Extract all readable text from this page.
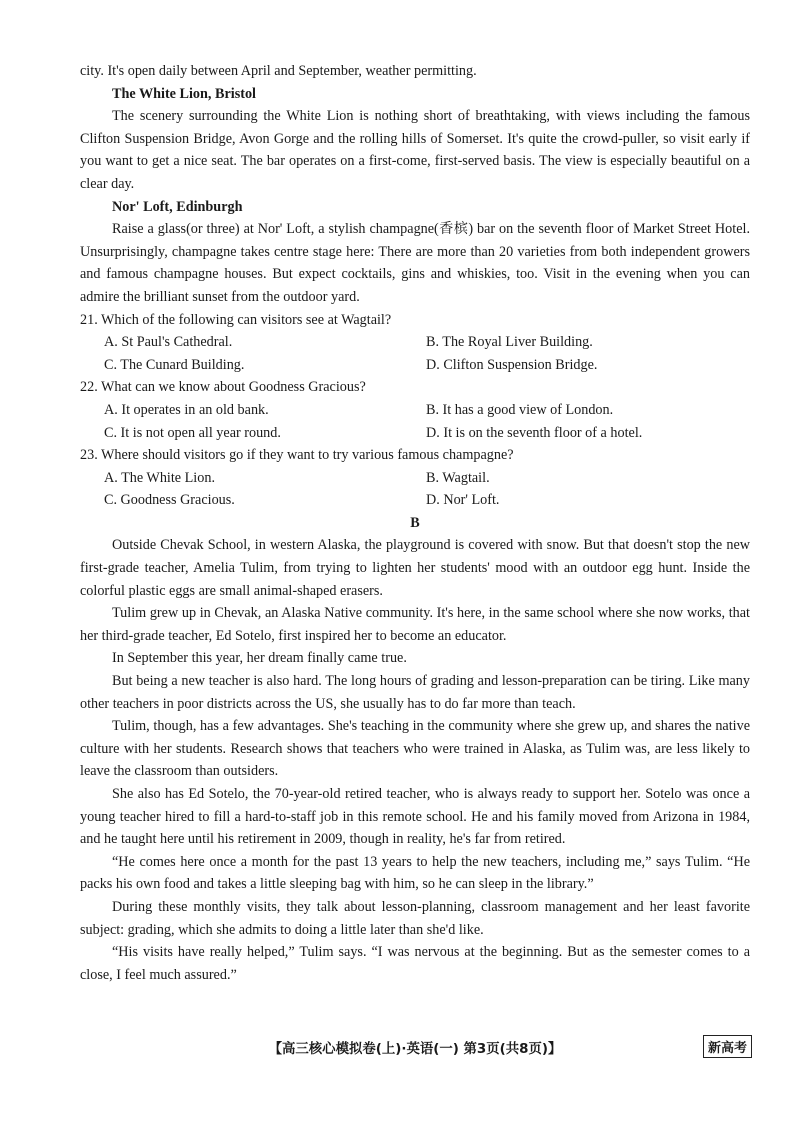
city. It's open daily between April and September, weather permitting.

The White Lion, Bristol

The scenery surrounding the White Lion is nothing short of breathtaking, with views including the famous Clifton Suspension Bridge, Avon Gorge and the rolling hills of Somerset. It's quite the crowd-puller, so visit early if you want to get a nice seat. The bar operates on a first-come, first-served basis. The view is especially beautiful on a clear day.

Nor' Loft, Edinburgh

Raise a glass(or three) at Nor' Loft, a stylish champagne(香槟) bar on the seventh floor of Market Street Hotel. Unsurprisingly, champagne takes centre stage here: There are more than 20 varieties from both independent growers and famous champagne houses. But expect cocktails, gins and whiskies, too. Visit in the evening when you can admire the brilliant sunset from the outdoor yard.

21. Which of the following can visitors see at Wagtail?

A. St Paul's Cathedral.	B. The Royal Liver Building.
C. The Cunard Building.	D. Clifton Suspension Bridge.

22. What can we know about Goodness Gracious?

A. It operates in an old bank.	B. It has a good view of London.
C. It is not open all year round.	D. It is on the seventh floor of a hotel.

23. Where should visitors go if they want to try various famous champagne?

A. The White Lion.	B. Wagtail.
C. Goodness Gracious.	D. Nor' Loft.

B

Outside Chevak School, in western Alaska, the playground is covered with snow. But that doesn't stop the new first-grade teacher, Amelia Tulim, from trying to lighten her students' mood with an outdoor egg hunt. Inside the colorful plastic eggs are small animal-shaped erasers.

Tulim grew up in Chevak, an Alaska Native community. It's here, in the same school where she now works, that her third-grade teacher, Ed Sotelo, first inspired her to become an educator.

In September this year, her dream finally came true.

But being a new teacher is also hard. The long hours of grading and lesson-preparation can be tiring. Like many other teachers in poor districts across the US, she usually has to do far more than teach.

Tulim, though, has a few advantages. She's teaching in the community where she grew up, and shares the native culture with her students. Research shows that teachers who were trained in Alaska, as Tulim was, are less likely to leave the classroom than outsiders.

She also has Ed Sotelo, the 70-year-old retired teacher, who is always ready to support her. Sotelo was once a young teacher hired to fill a hard-to-staff job in this remote school. He and his family moved from Arizona in 1984, and he taught here until his retirement in 2009, though in reality, he's far from retired.

“He comes here once a month for the past 13 years to help the new teachers, including me,” says Tulim. “He packs his own food and takes a little sleeping bag with him, so he can sleep in the library.”

During these monthly visits, they talk about lesson-planning, classroom management and her least favorite subject: grading, which she admits to doing a little later than she'd like.

“His visits have really helped,” Tulim says. “I was nervous at the beginning. But as the semester comes to a close, I feel much assured.”

【高三核心模拟卷(上)·英语(一) 第3页(共8页)】	新高考
